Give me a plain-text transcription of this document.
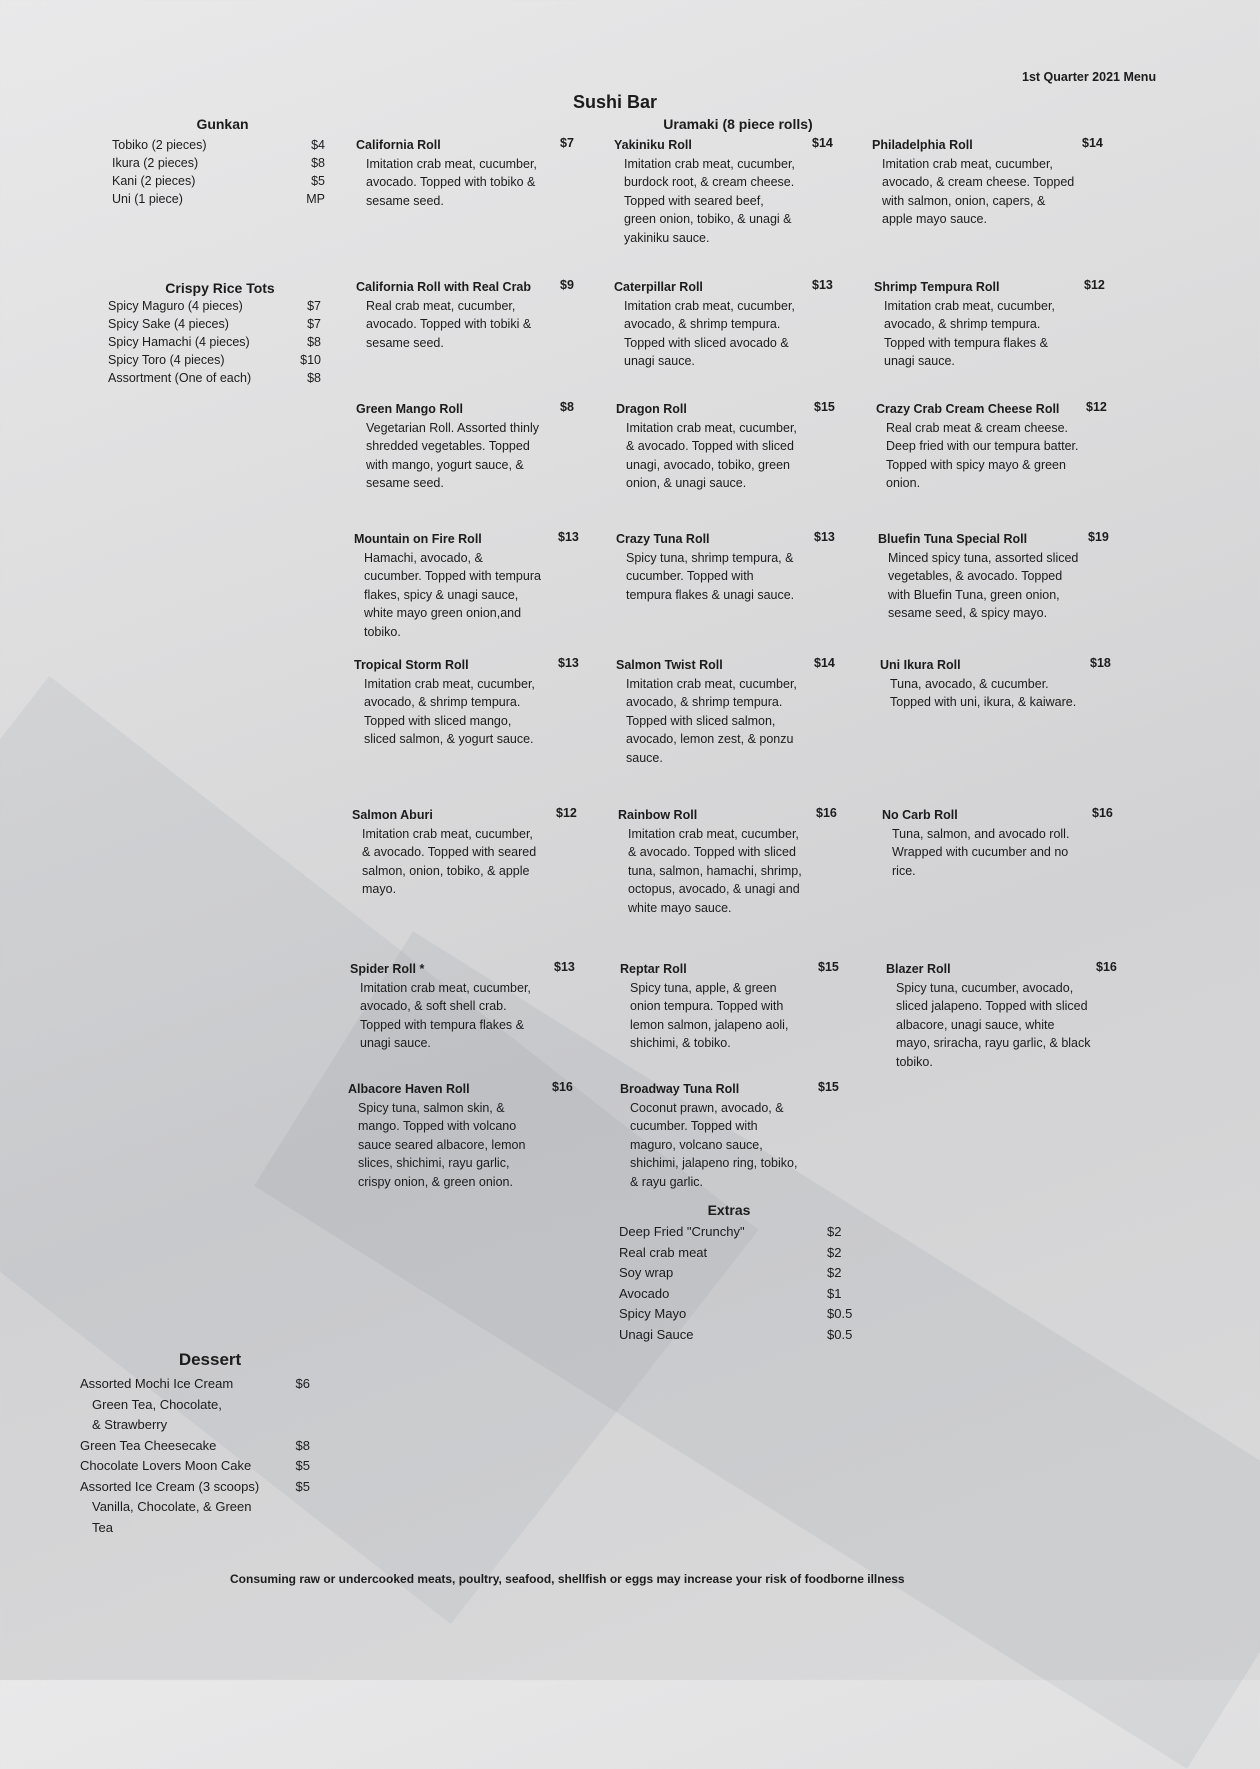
1st Quarter 2021 Menu
Sushi Bar
Gunkan
Tobiko (2 pieces)	$4
Ikura (2 pieces)	$8
Kani (2 pieces)	$5
Uni (1 piece)	MP
Crispy Rice Tots
Spicy Maguro (4 pieces)	$7
Spicy Sake (4 pieces)	$7
Spicy Hamachi (4 pieces)	$8
Spicy Toro (4 pieces)	$10
Assortment (One of each)	$8
Uramaki (8 piece rolls)
California Roll
Imitation crab meat, cucumber, avocado. Topped with tobiko & sesame seed.
$7	Yakiniku Roll
Imitation crab meat, cucumber, burdock root, & cream cheese. Topped with seared beef, green onion, tobiko, & unagi & yakiniku sauce.
$14	Philadelphia Roll
Imitation crab meat, cucumber, avocado, & cream cheese. Topped with salmon, onion, capers, & apple mayo sauce.
$14
California Roll with Real Crab
Real crab meat, cucumber, avocado. Topped with tobiki & sesame seed.
$9	Caterpillar Roll
Imitation crab meat, cucumber, avocado, & shrimp tempura. Topped with sliced avocado & unagi sauce.
$13	Shrimp Tempura Roll
Imitation crab meat, cucumber, avocado, & shrimp tempura. Topped with tempura flakes & unagi sauce.
$12
Green Mango Roll
Vegetarian Roll. Assorted thinly shredded vegetables. Topped with mango, yogurt sauce, & sesame seed.
$8	Dragon Roll
Imitation crab meat, cucumber, & avocado. Topped with sliced unagi, avocado, tobiko, green onion, & unagi sauce.
$15	Crazy Crab Cream Cheese Roll
Real crab meat & cream cheese. Deep fried with our tempura batter. Topped with spicy mayo & green onion.
$12
Mountain on Fire Roll
Hamachi, avocado, & cucumber. Topped with tempura flakes, spicy & unagi sauce, white mayo green onion,and tobiko.
$13	Crazy Tuna Roll
Spicy tuna, shrimp tempura, & cucumber. Topped with tempura flakes & unagi sauce.
$13	Bluefin Tuna Special Roll
Minced spicy tuna, assorted sliced vegetables, & avocado. Topped with Bluefin Tuna, green onion, sesame seed, & spicy mayo.
$19
Tropical Storm Roll
Imitation crab meat, cucumber, avocado, & shrimp tempura. Topped with sliced mango, sliced salmon, & yogurt sauce.
$13	Salmon Twist Roll
Imitation crab meat, cucumber, avocado, & shrimp tempura. Topped with sliced salmon, avocado, lemon zest, & ponzu sauce.
$14	Uni Ikura Roll
Tuna, avocado, & cucumber. Topped with uni, ikura, & kaiware.
$18
Salmon Aburi
Imitation crab meat, cucumber, & avocado. Topped with seared salmon, onion, tobiko, & apple mayo.
$12	Rainbow Roll
Imitation crab meat, cucumber, & avocado. Topped with sliced tuna, salmon, hamachi, shrimp, octopus, avocado, & unagi and white mayo sauce.
$16	No Carb Roll
Tuna, salmon, and avocado roll. Wrapped with cucumber and no rice.
$16
Spider Roll *
Imitation crab meat, cucumber, avocado, & soft shell crab. Topped with tempura flakes & unagi sauce.
$13	Reptar Roll
Spicy tuna, apple, & green onion tempura. Topped with lemon salmon, jalapeno aoli, shichimi, & tobiko.
$15	Blazer Roll
Spicy tuna, cucumber, avocado, sliced jalapeno. Topped with sliced albacore, unagi sauce, white mayo, sriracha, rayu garlic, & black tobiko.
$16
Albacore Haven Roll
Spicy tuna, salmon skin, & mango. Topped with volcano sauce seared albacore, lemon slices, shichimi, rayu garlic, crispy onion, & green onion.
$16	Broadway Tuna Roll
Coconut prawn, avocado, & cucumber. Topped with maguro, volcano sauce, shichimi, jalapeno ring, tobiko, & rayu garlic.
$15
Extras
Deep Fried "Crunchy"	$2
Real crab meat	$2
Soy wrap	$2
Avocado	$1
Spicy Mayo	$0.5
Unagi Sauce	$0.5
Dessert
Assorted Mochi Ice Cream	$6
Green Tea, Chocolate,
& Strawberry
Green Tea Cheesecake	$8
Chocolate Lovers Moon Cake	$5
Assorted Ice Cream (3 scoops)	$5
Vanilla, Chocolate, & Green
Tea
Consuming raw or undercooked meats, poultry, seafood, shellfish or eggs may increase your risk of foodborne illness
